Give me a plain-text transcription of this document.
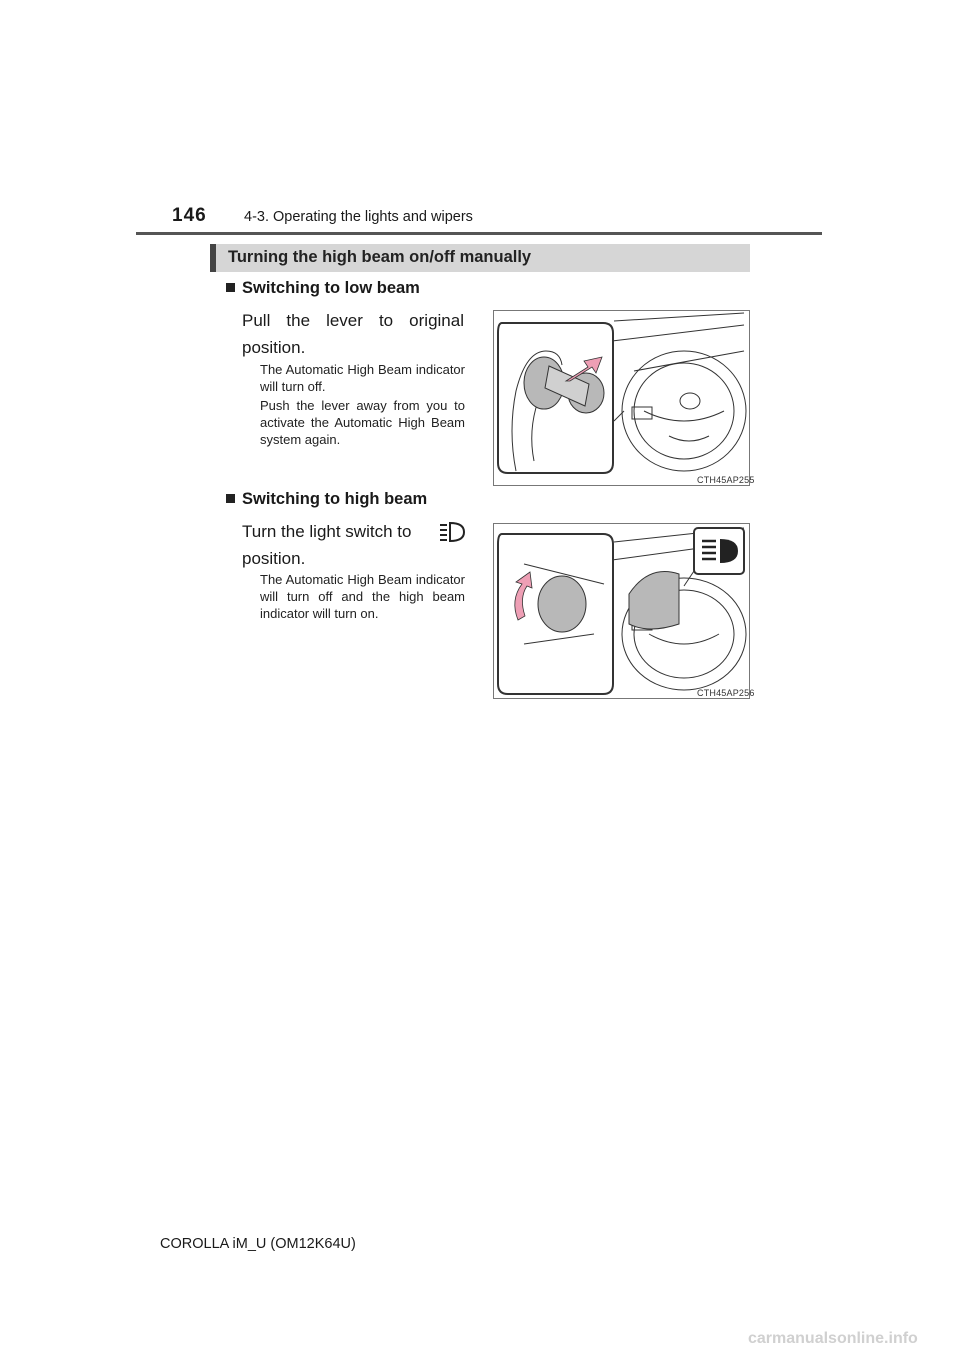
146	4-3. Operating the lights and wipers
Turning the high beam on/off manually
Switching to low beam
Pull the lever to original position.
The Automatic High Beam indicator will turn off.
Push the lever away from you to activate the Automatic High Beam system again.
CTH45AP255
Switching to high beam
Turn the light switch to
position.
The Automatic High Beam indicator will turn off and the high beam indicator will turn on.
CTH45AP256
COROLLA iM_U (OM12K64U)
carmanualsonline.info
